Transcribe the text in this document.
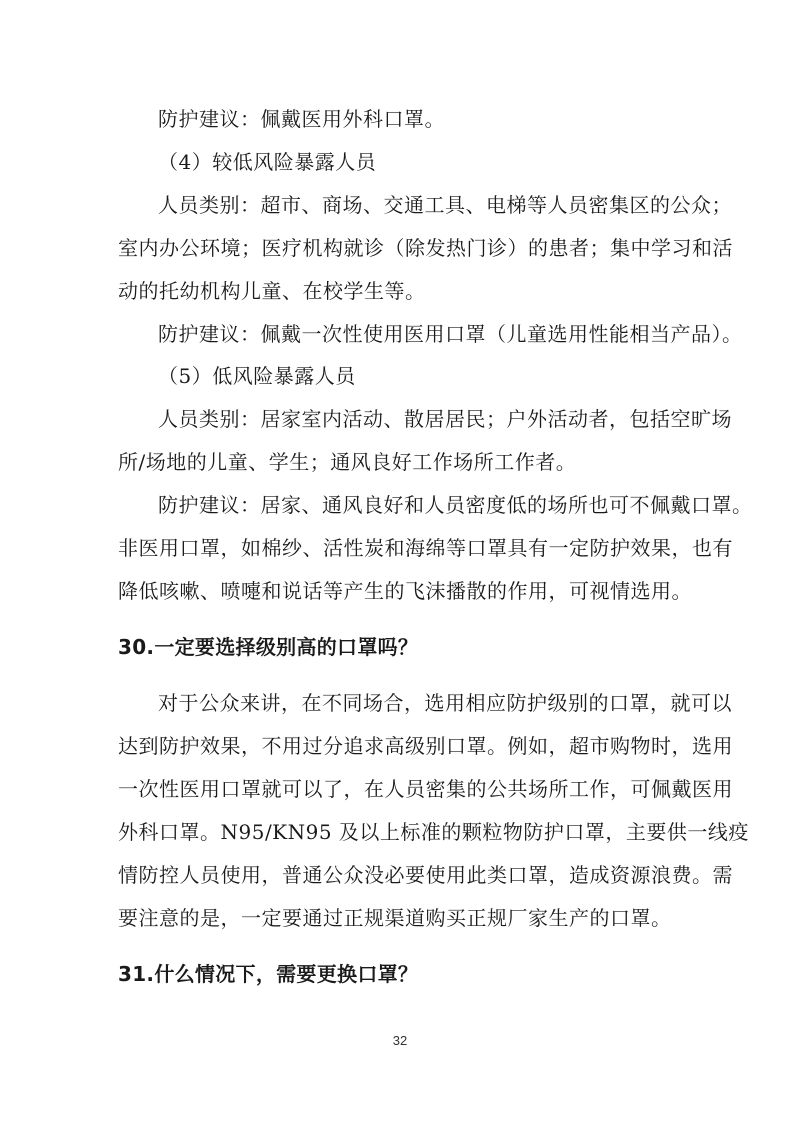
防护建议：佩戴医用外科口罩。
（4）较低风险暴露人员
人员类别：超市、商场、交通工具、电梯等人员密集区的公众；
室内办公环境；医疗机构就诊（除发热门诊）的患者；集中学习和活
动的托幼机构儿童、在校学生等。
防护建议：佩戴一次性使用医用口罩（儿童选用性能相当产品）。
（5）低风险暴露人员
人员类别：居家室内活动、散居居民；户外活动者，包括空旷场
所/场地的儿童、学生；通风良好工作场所工作者。
防护建议：居家、通风良好和人员密度低的场所也可不佩戴口罩。
非医用口罩，如棉纱、活性炭和海绵等口罩具有一定防护效果，也有
降低咳嗽、喷嚏和说话等产生的飞沫播散的作用，可视情选用。
30.一定要选择级别高的口罩吗？
对于公众来讲，在不同场合，选用相应防护级别的口罩，就可以
达到防护效果，不用过分追求高级别口罩。例如，超市购物时，选用
一次性医用口罩就可以了，在人员密集的公共场所工作，可佩戴医用
外科口罩。N95/KN95 及以上标准的颗粒物防护口罩，主要供一线疫
情防控人员使用，普通公众没必要使用此类口罩，造成资源浪费。需
要注意的是，一定要通过正规渠道购买正规厂家生产的口罩。
31.什么情况下，需要更换口罩？
32
